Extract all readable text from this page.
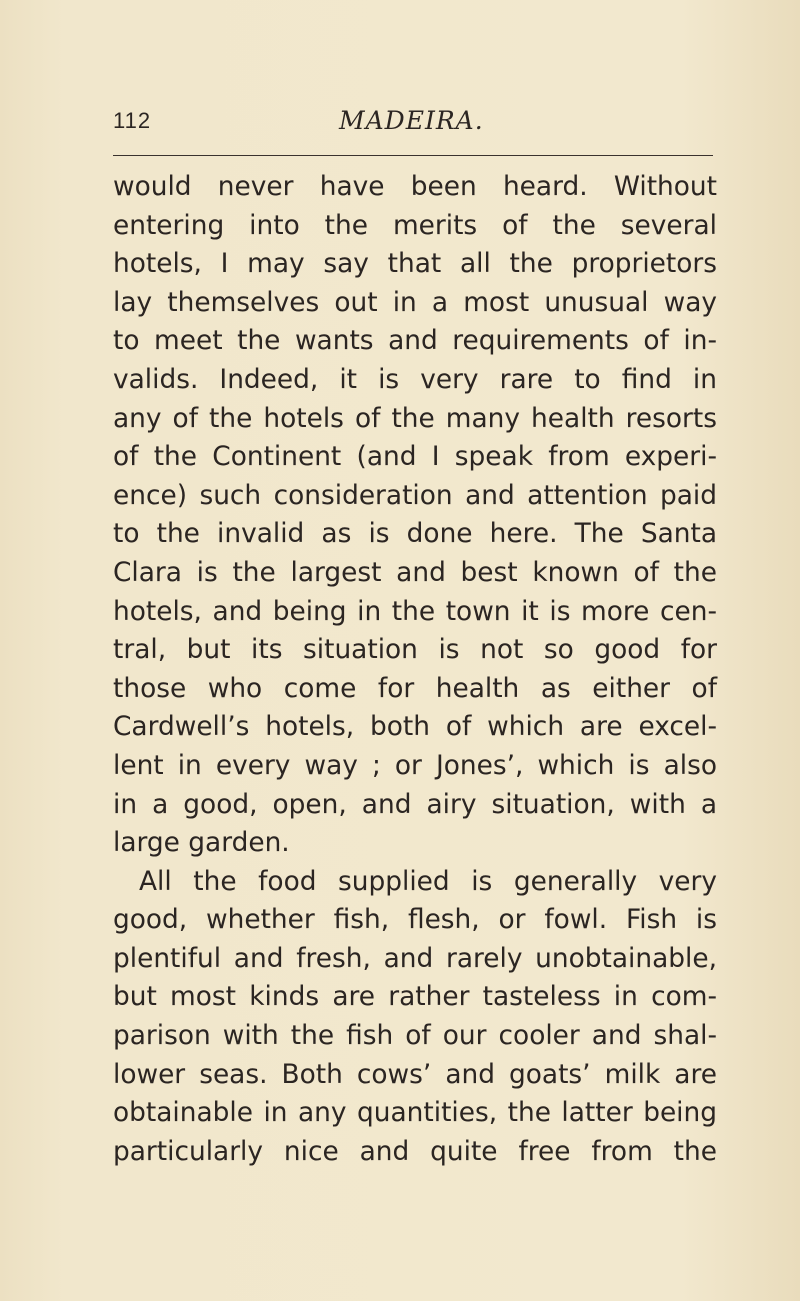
112	MADEIRA.
would never have been heard. Without
entering into the merits of the several
hotels, I may say that all the proprietors
lay themselves out in a most unusual way
to meet the wants and requirements of in-
valids. Indeed, it is very rare to find in
any of the hotels of the many health resorts
of the Continent (and I speak from experi-
ence) such consideration and attention paid
to the invalid as is done here. The Santa
Clara is the largest and best known of the
hotels, and being in the town it is more cen-
tral, but its situation is not so good for
those who come for health as either of
Cardwell’s hotels, both of which are excel-
lent in every way ; or Jones’, which is also
in a good, open, and airy situation, with a
large garden.
All the food supplied is generally very
good, whether fish, flesh, or fowl. Fish is
plentiful and fresh, and rarely unobtainable,
but most kinds are rather tasteless in com-
parison with the fish of our cooler and shal-
lower seas. Both cows’ and goats’ milk are
obtainable in any quantities, the latter being
particularly nice and quite free from the
